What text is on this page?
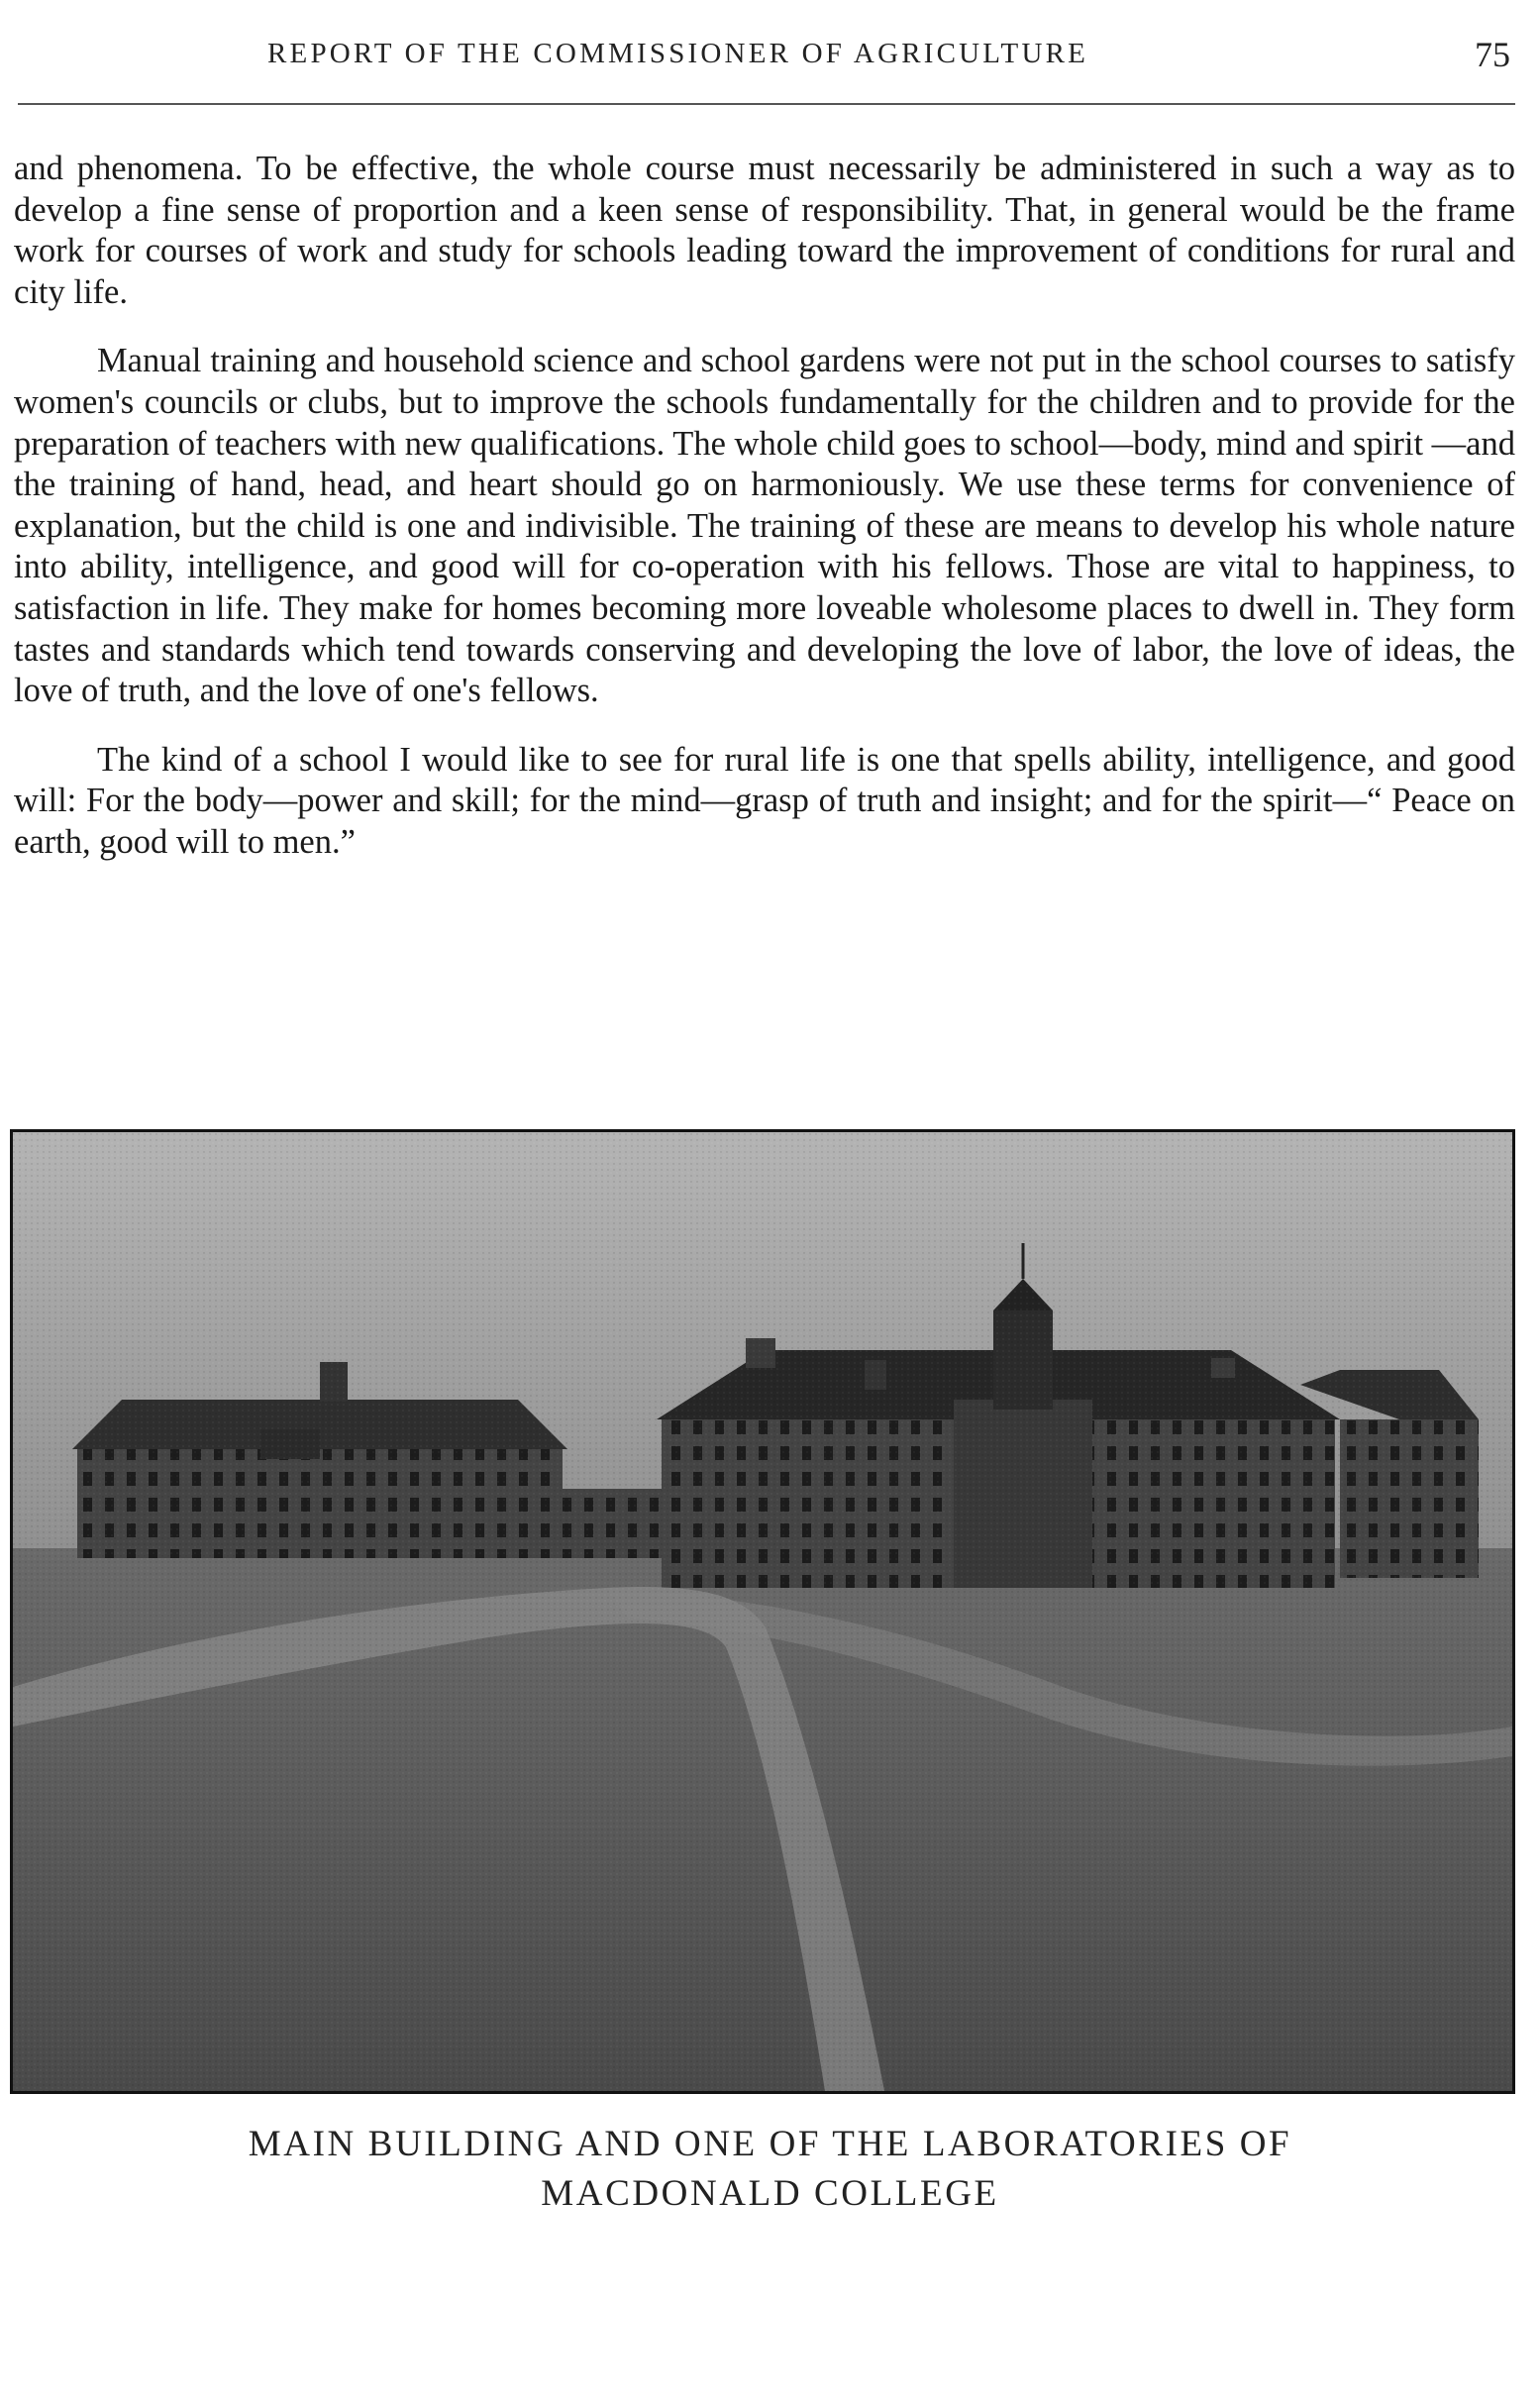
REPORT OF THE COMMISSIONER OF AGRICULTURE	75

and phenomena. To be effective, the whole course must necessarily be administered in such a way as to develop a fine sense of proportion and a keen sense of responsibility. That, in general would be the frame work for courses of work and study for schools leading toward the improvement of conditions for rural and city life.

Manual training and household science and school gardens were not put in the school courses to satisfy women's councils or clubs, but to improve the schools fundamentally for the children and to provide for the preparation of teachers with new qualifications. The whole child goes to school—body, mind and spirit —and the training of hand, head, and heart should go on harmoniously. We use these terms for convenience of explanation, but the child is one and indivisible. The training of these are means to develop his whole nature into ability, intelligence, and good will for co-operation with his fellows. Those are vital to happiness, to satisfaction in life. They make for homes becoming more loveable wholesome places to dwell in. They form tastes and standards which tend towards conserving and developing the love of labor, the love of ideas, the love of truth, and the love of one's fellows.

The kind of a school I would like to see for rural life is one that spells ability, intelligence, and good will: For the body—power and skill; for the mind—grasp of truth and insight; and for the spirit—“ Peace on earth, good will to men.”

MAIN BUILDING AND ONE OF THE LABORATORIES OF
MACDONALD COLLEGE
